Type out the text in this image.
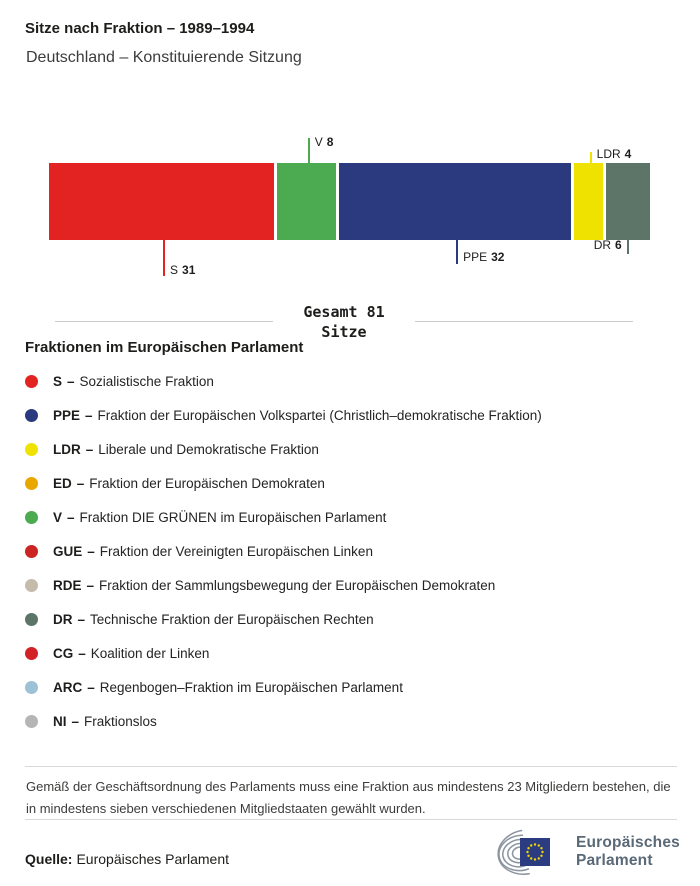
Sitze nach Fraktion – 1989–1994
Deutschland – Konstituierende Sitzung
S 31
V 8
PPE 32
LDR 4
DR 6
Gesamt 81
Sitze
Fraktionen im Europäischen Parlament
S – Sozialistische Fraktion
PPE – Fraktion der Europäischen Volkspartei (Christlich–demokratische Fraktion)
LDR – Liberale und Demokratische Fraktion
ED – Fraktion der Europäischen Demokraten
V – Fraktion DIE GRÜNEN im Europäischen Parlament
GUE – Fraktion der Vereinigten Europäischen Linken
RDE – Fraktion der Sammlungsbewegung der Europäischen Demokraten
DR – Technische Fraktion der Europäischen Rechten
CG – Koalition der Linken
ARC – Regenbogen–Fraktion im Europäischen Parlament
NI – Fraktionslos

Gemäß der Geschäftsordnung des Parlaments muss eine Fraktion aus mindestens 23 Mitgliedern bestehen, die in mindestens sieben verschiedenen Mitgliedstaaten gewählt wurden.

Quelle: Europäisches Parlament
Europäisches
Parlament
